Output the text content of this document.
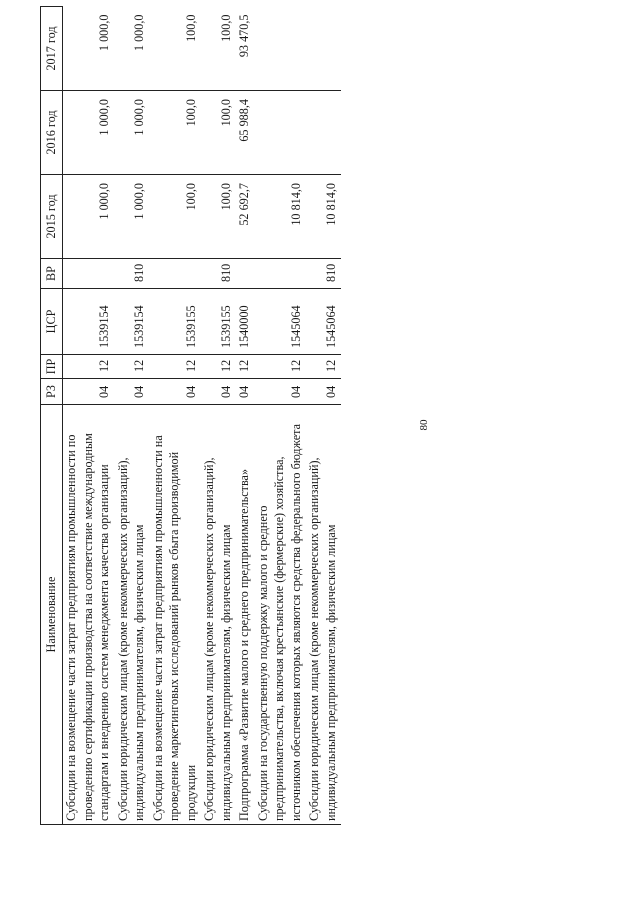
80
Наименование	РЗ	ПР	ЦСР	ВР	2015 год	2016 год	2017 год
Субсидии на возмещение части затрат предприятиям промышленности по проведению сертификации производства на соответствие международным стандартам и внедрению систем менеджмента качества организации	04	12	1539154		1 000,0	1 000,0	1 000,0
Субсидии юридическим лицам (кроме некоммерческих организаций), индивидуальным предпринимателям, физическим лицам	04	12	1539154	810	1 000,0	1 000,0	1 000,0
Субсидии на возмещение части затрат предприятиям промышленности на проведение маркетинговых исследований рынков сбыта производимой продукции	04	12	1539155		100,0	100,0	100,0
Субсидии юридическим лицам (кроме некоммерческих организаций), индивидуальным предпринимателям, физическим лицам	04	12	1539155	810	100,0	100,0	100,0
Подпрограмма «Развитие малого и среднего предпринимательства»	04	12	1540000		52 692,7	65 988,4	93 470,5
Субсидии на государственную поддержку малого и среднего предпринимательства, включая крестьянские (фермерские) хозяйства, источником обеспечения которых являются средства федерального бюджета	04	12	1545064		10 814,0		
Субсидии юридическим лицам (кроме некоммерческих организаций), индивидуальным предпринимателям, физическим лицам	04	12	1545064	810	10 814,0		
